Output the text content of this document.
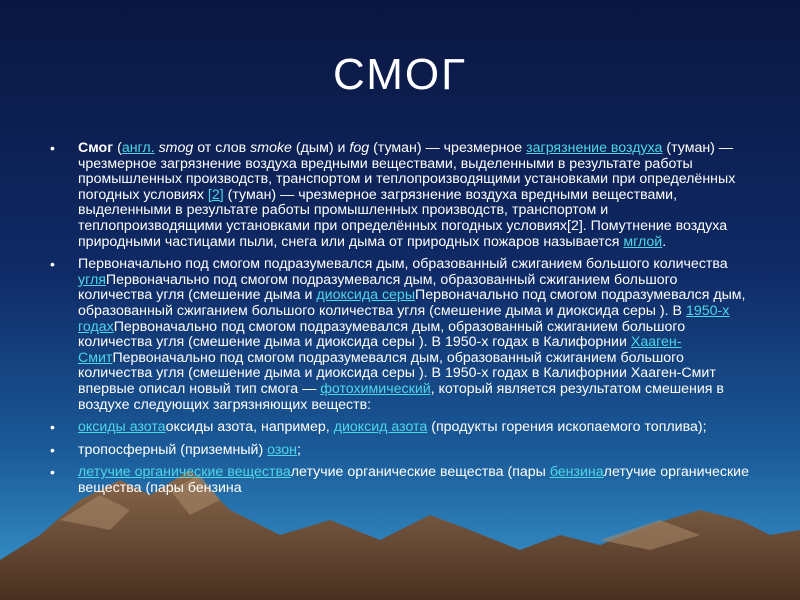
СМОГ
• Смог (англ. smog от слов smoke (дым) и fog (туман) — чрезмерное загрязнение воздуха (туман) — чрезмерное загрязнение воздуха вредными веществами, выделенными в результате работы промышленных производств, транспортом и теплопроизводящими установками при определённых погодных условиях [2] (туман) — чрезмерное загрязнение воздуха вредными веществами, выделенными в результате работы промышленных производств, транспортом и теплопроизводящими установками при определённых погодных условиях[2]. Помутнение воздуха природными частицами пыли, снега или дыма от природных пожаров называется мглой.
• Первоначально под смогом подразумевался дым, образованный сжиганием большого количества угляПервоначально под смогом подразумевался дым, образованный сжиганием большого количества угля (смешение дыма и диоксида серыПервоначально под смогом подразумевался дым, образованный сжиганием большого количества угля (смешение дыма и диоксида серы ). В 1950-х годахПервоначально под смогом подразумевался дым, образованный сжиганием большого количества угля (смешение дыма и диоксида серы ). В 1950-х годах в Калифорнии Хааген-СмитПервоначально под смогом подразумевался дым, образованный сжиганием большого количества угля (смешение дыма и диоксида серы ). В 1950-х годах в Калифорнии Хааген-Смит впервые описал новый тип смога — фотохимический, который является результатом смешения в воздухе следующих загрязняющих веществ:
• оксиды азотаоксиды азота, например, диоксид азота (продукты горения ископаемого топлива);
• тропосферный (приземный) озон;
• летучие органические веществалетучие органические вещества (пары бензиналетучие органические вещества (пары бензина
